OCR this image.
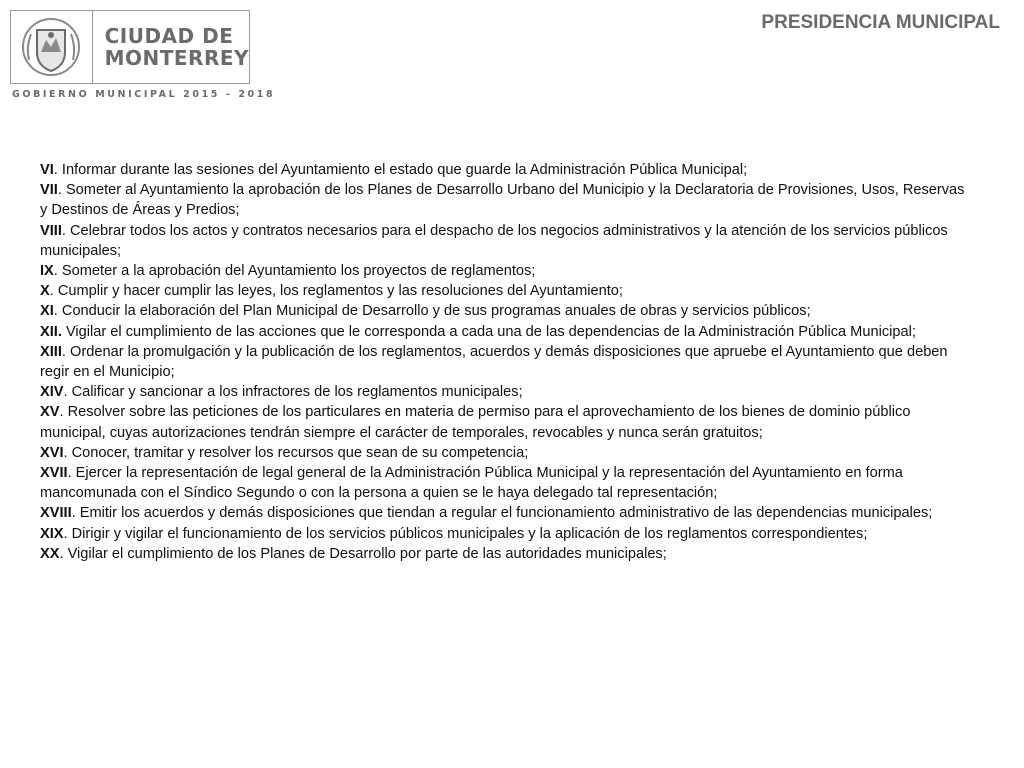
CIUDAD DE
MONTERREY
GOBIERNO MUNICIPAL 2015 - 2018
PRESIDENCIA MUNICIPAL

VI. Informar durante las sesiones del Ayuntamiento el estado que guarde la Administración Pública Municipal;

VII. Someter al Ayuntamiento la aprobación de los Planes de Desarrollo Urbano del Municipio y la Declaratoria de Provisiones, Usos, Reservas y Destinos de Áreas y Predios;

VIII. Celebrar todos los actos y contratos necesarios para el despacho de los negocios administrativos y la atención de los servicios públicos municipales;

IX. Someter a la aprobación del Ayuntamiento los proyectos de reglamentos;

X. Cumplir y hacer cumplir las leyes, los reglamentos y las resoluciones del Ayuntamiento;

XI. Conducir la elaboración del Plan Municipal de Desarrollo y de sus programas anuales de obras y servicios públicos;

XII. Vigilar el cumplimiento de las acciones que le corresponda a cada una de las dependencias de la Administración Pública Municipal;

XIII. Ordenar la promulgación y la publicación de los reglamentos, acuerdos y demás disposiciones que apruebe el Ayuntamiento que deben regir en el Municipio;

XIV. Calificar y sancionar a los infractores de los reglamentos municipales;

XV. Resolver sobre las peticiones de los particulares en materia de permiso para el aprovechamiento de los bienes de dominio público municipal, cuyas autorizaciones tendrán siempre el carácter de temporales, revocables y nunca serán gratuitos;

XVI. Conocer, tramitar y resolver los recursos que sean de su competencia;

XVII. Ejercer la representación de legal general de la Administración Pública Municipal y la representación del Ayuntamiento en forma mancomunada con el Síndico Segundo o con la persona a quien se le haya delegado tal representación;

XVIII. Emitir los acuerdos y demás disposiciones que tiendan a regular el funcionamiento administrativo de las dependencias municipales;

XIX. Dirigir y vigilar el funcionamiento de los servicios públicos municipales y la aplicación de los reglamentos correspondientes;

XX. Vigilar el cumplimiento de los Planes de Desarrollo por parte de las autoridades municipales;
